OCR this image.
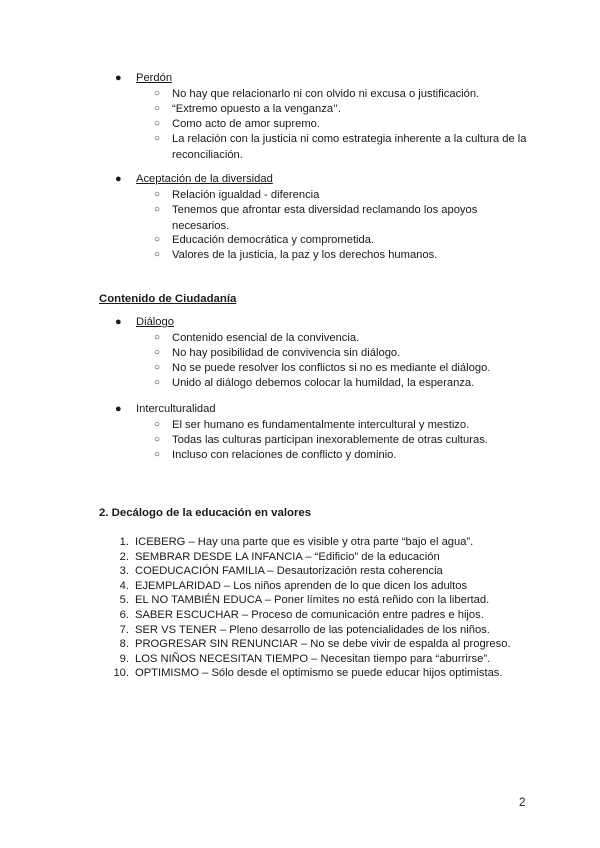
● Perdón
○ No hay que relacionarlo ni con olvido ni excusa o justificación.
○ “Extremo opuesto a la venganza’’.
○ Como acto de amor supremo.
○ La relación con la justicia ni como estrategia inherente a la cultura de la reconciliación.
● Aceptación de la diversidad
○ Relación igualdad - diferencia
○ Tenemos que afrontar esta diversidad reclamando los apoyos necesarios.
○ Educación democrática y comprometida.
○ Valores de la justicia, la paz y los derechos humanos.
Contenido de Ciudadanía
● Diálogo
○ Contenido esencial de la convivencia.
○ No hay posibilidad de convivencia sin diálogo.
○ No se puede resolver los conflictos si no es mediante el diálogo.
○ Unido al diálogo debemos colocar la humildad, la esperanza.
● Interculturalidad
○ El ser humano es fundamentalmente intercultural y mestizo.
○ Todas las culturas participan inexorablemente de otras culturas.
○ Incluso con relaciones de conflicto y dominio.
2. Decálogo de la educación en valores
1. ICEBERG – Hay una parte que es visible y otra parte “bajo el agua”.
2. SEMBRAR DESDE LA INFANCIA – “Edificio” de la educación
3. COEDUCACIÓN FAMILIA – Desautorización resta coherencia
4. EJEMPLARIDAD – Los niños aprenden de lo que dicen los adultos
5. EL NO TAMBIÉN EDUCA – Poner límites no está reñido con la libertad.
6. SABER ESCUCHAR – Proceso de comunicación entre padres e hijos.
7. SER VS TENER – Pleno desarrollo de las potencialidades de los niños.
8. PROGRESAR SIN RENUNCIAR – No se debe vivir de espalda al progreso.
9. LOS NIÑOS NECESITAN TIEMPO – Necesitan tiempo para “aburrirse”.
10. OPTIMISMO – Sólo desde el optimismo se puede educar hijos optimistas.
2
